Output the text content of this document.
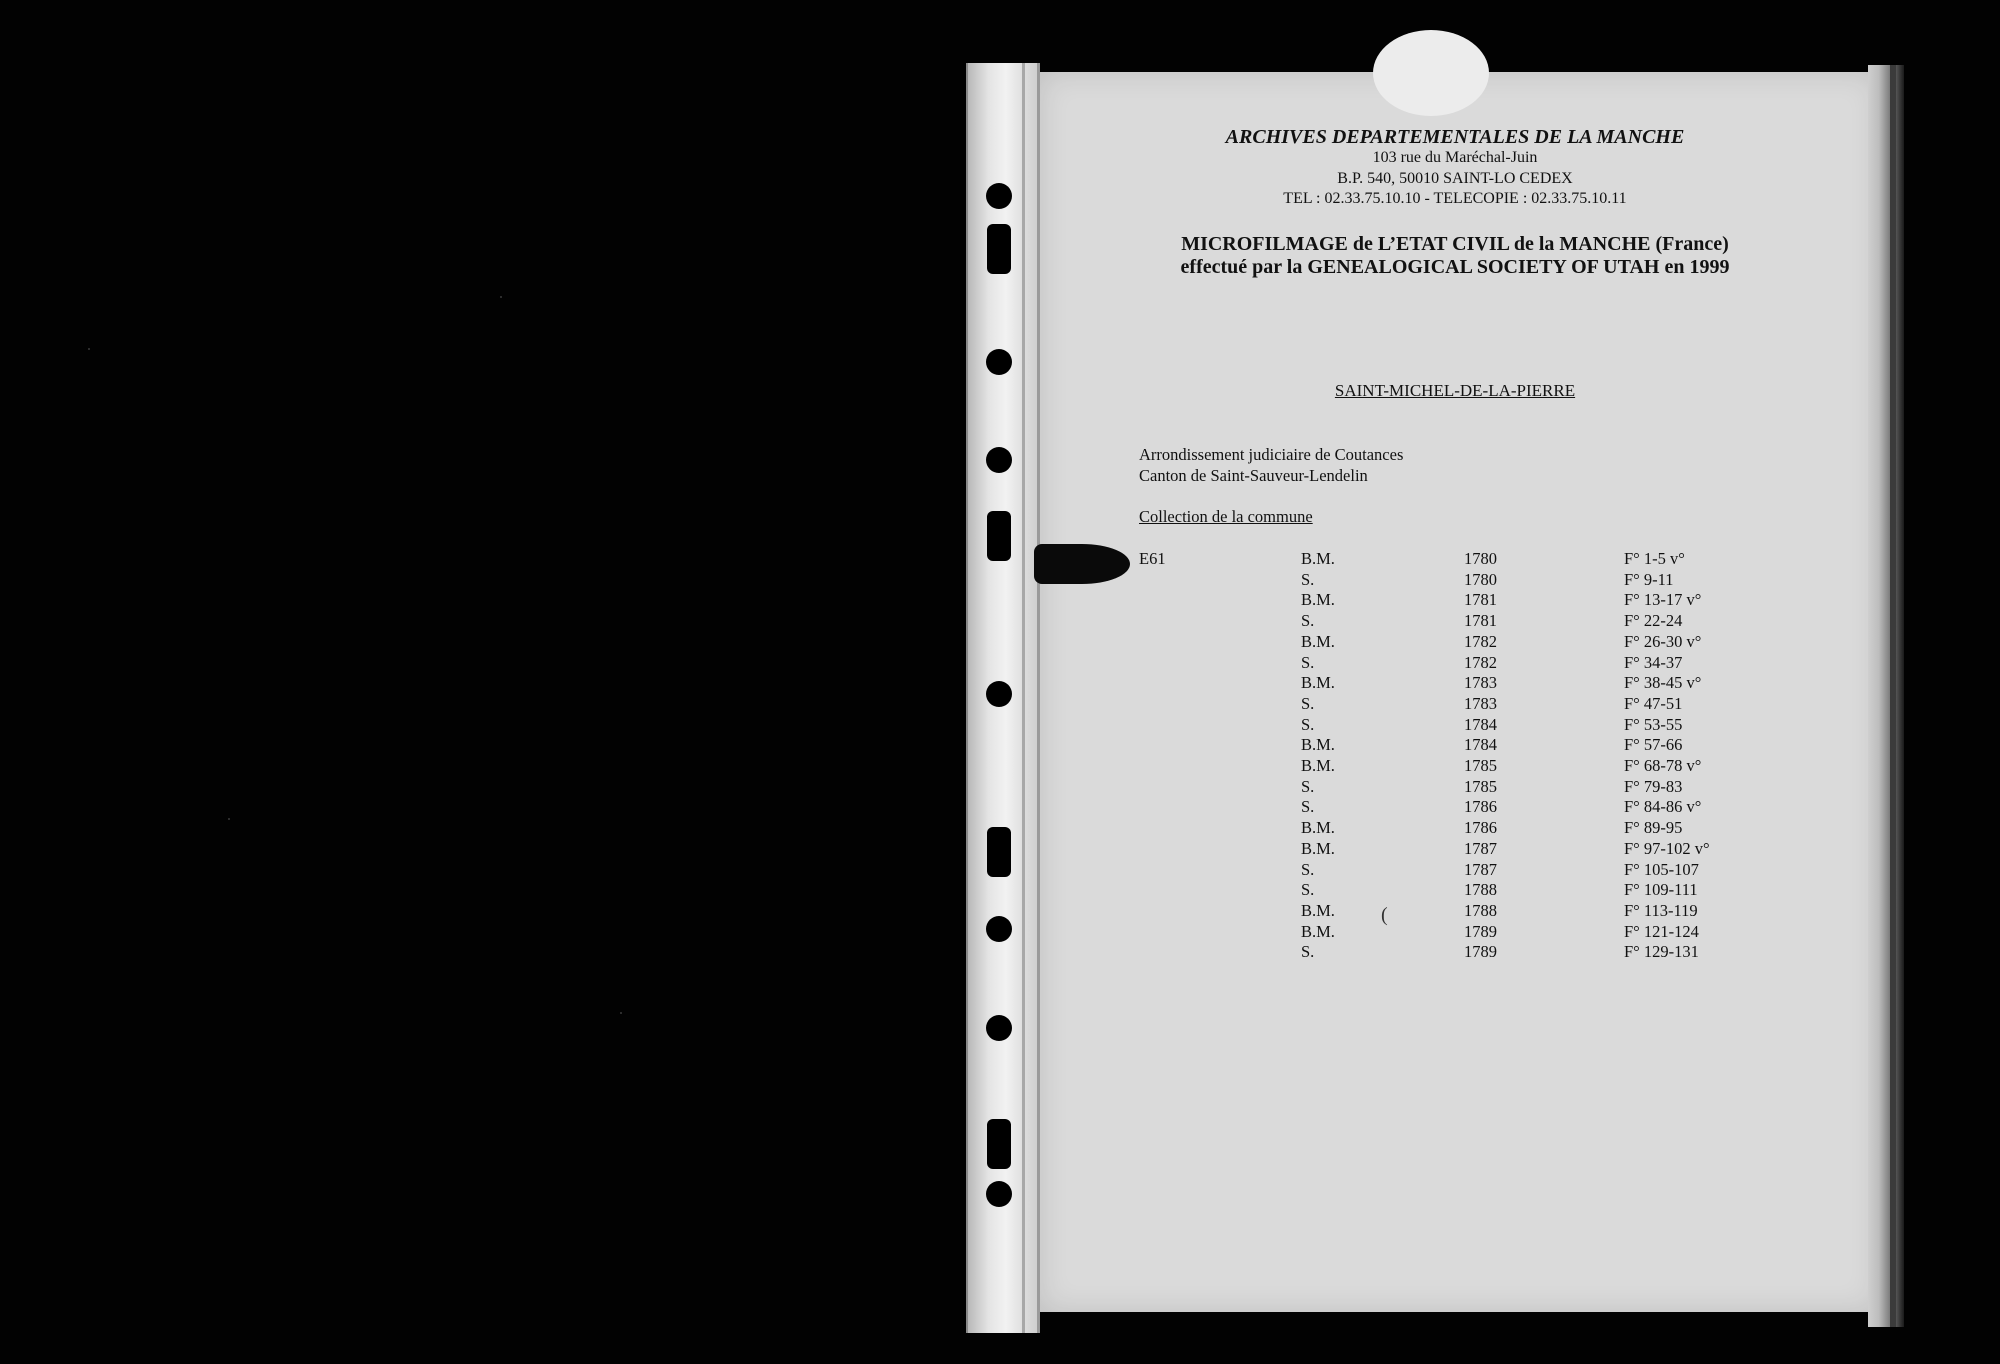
ARCHIVES DEPARTEMENTALES DE LA MANCHE
103 rue du Maréchal-Juin
B.P. 540, 50010 SAINT-LO CEDEX
TEL : 02.33.75.10.10 - TELECOPIE : 02.33.75.10.11
MICROFILMAGE de L’ETAT CIVIL de la MANCHE (France)
effectué par la GENEALOGICAL SOCIETY OF UTAH en 1999
SAINT-MICHEL-DE-LA-PIERRE
Arrondissement judiciaire de Coutances
Canton de Saint-Sauveur-Lendelin
Collection de la commune
E61	B.M.	1780	F° 1-5 v°
S.	1780	F° 9-11
B.M.	1781	F° 13-17 v°
S.	1781	F° 22-24
B.M.	1782	F° 26-30 v°
S.	1782	F° 34-37
B.M.	1783	F° 38-45 v°
S.	1783	F° 47-51
S.	1784	F° 53-55
B.M.	1784	F° 57-66
B.M.	1785	F° 68-78 v°
S.	1785	F° 79-83
S.	1786	F° 84-86 v°
B.M.	1786	F° 89-95
B.M.	1787	F° 97-102 v°
S.	1787	F° 105-107
S.	1788	F° 109-111
B.M.	1788	F° 113-119
B.M.	1789	F° 121-124
S.	1789	F° 129-131
(
